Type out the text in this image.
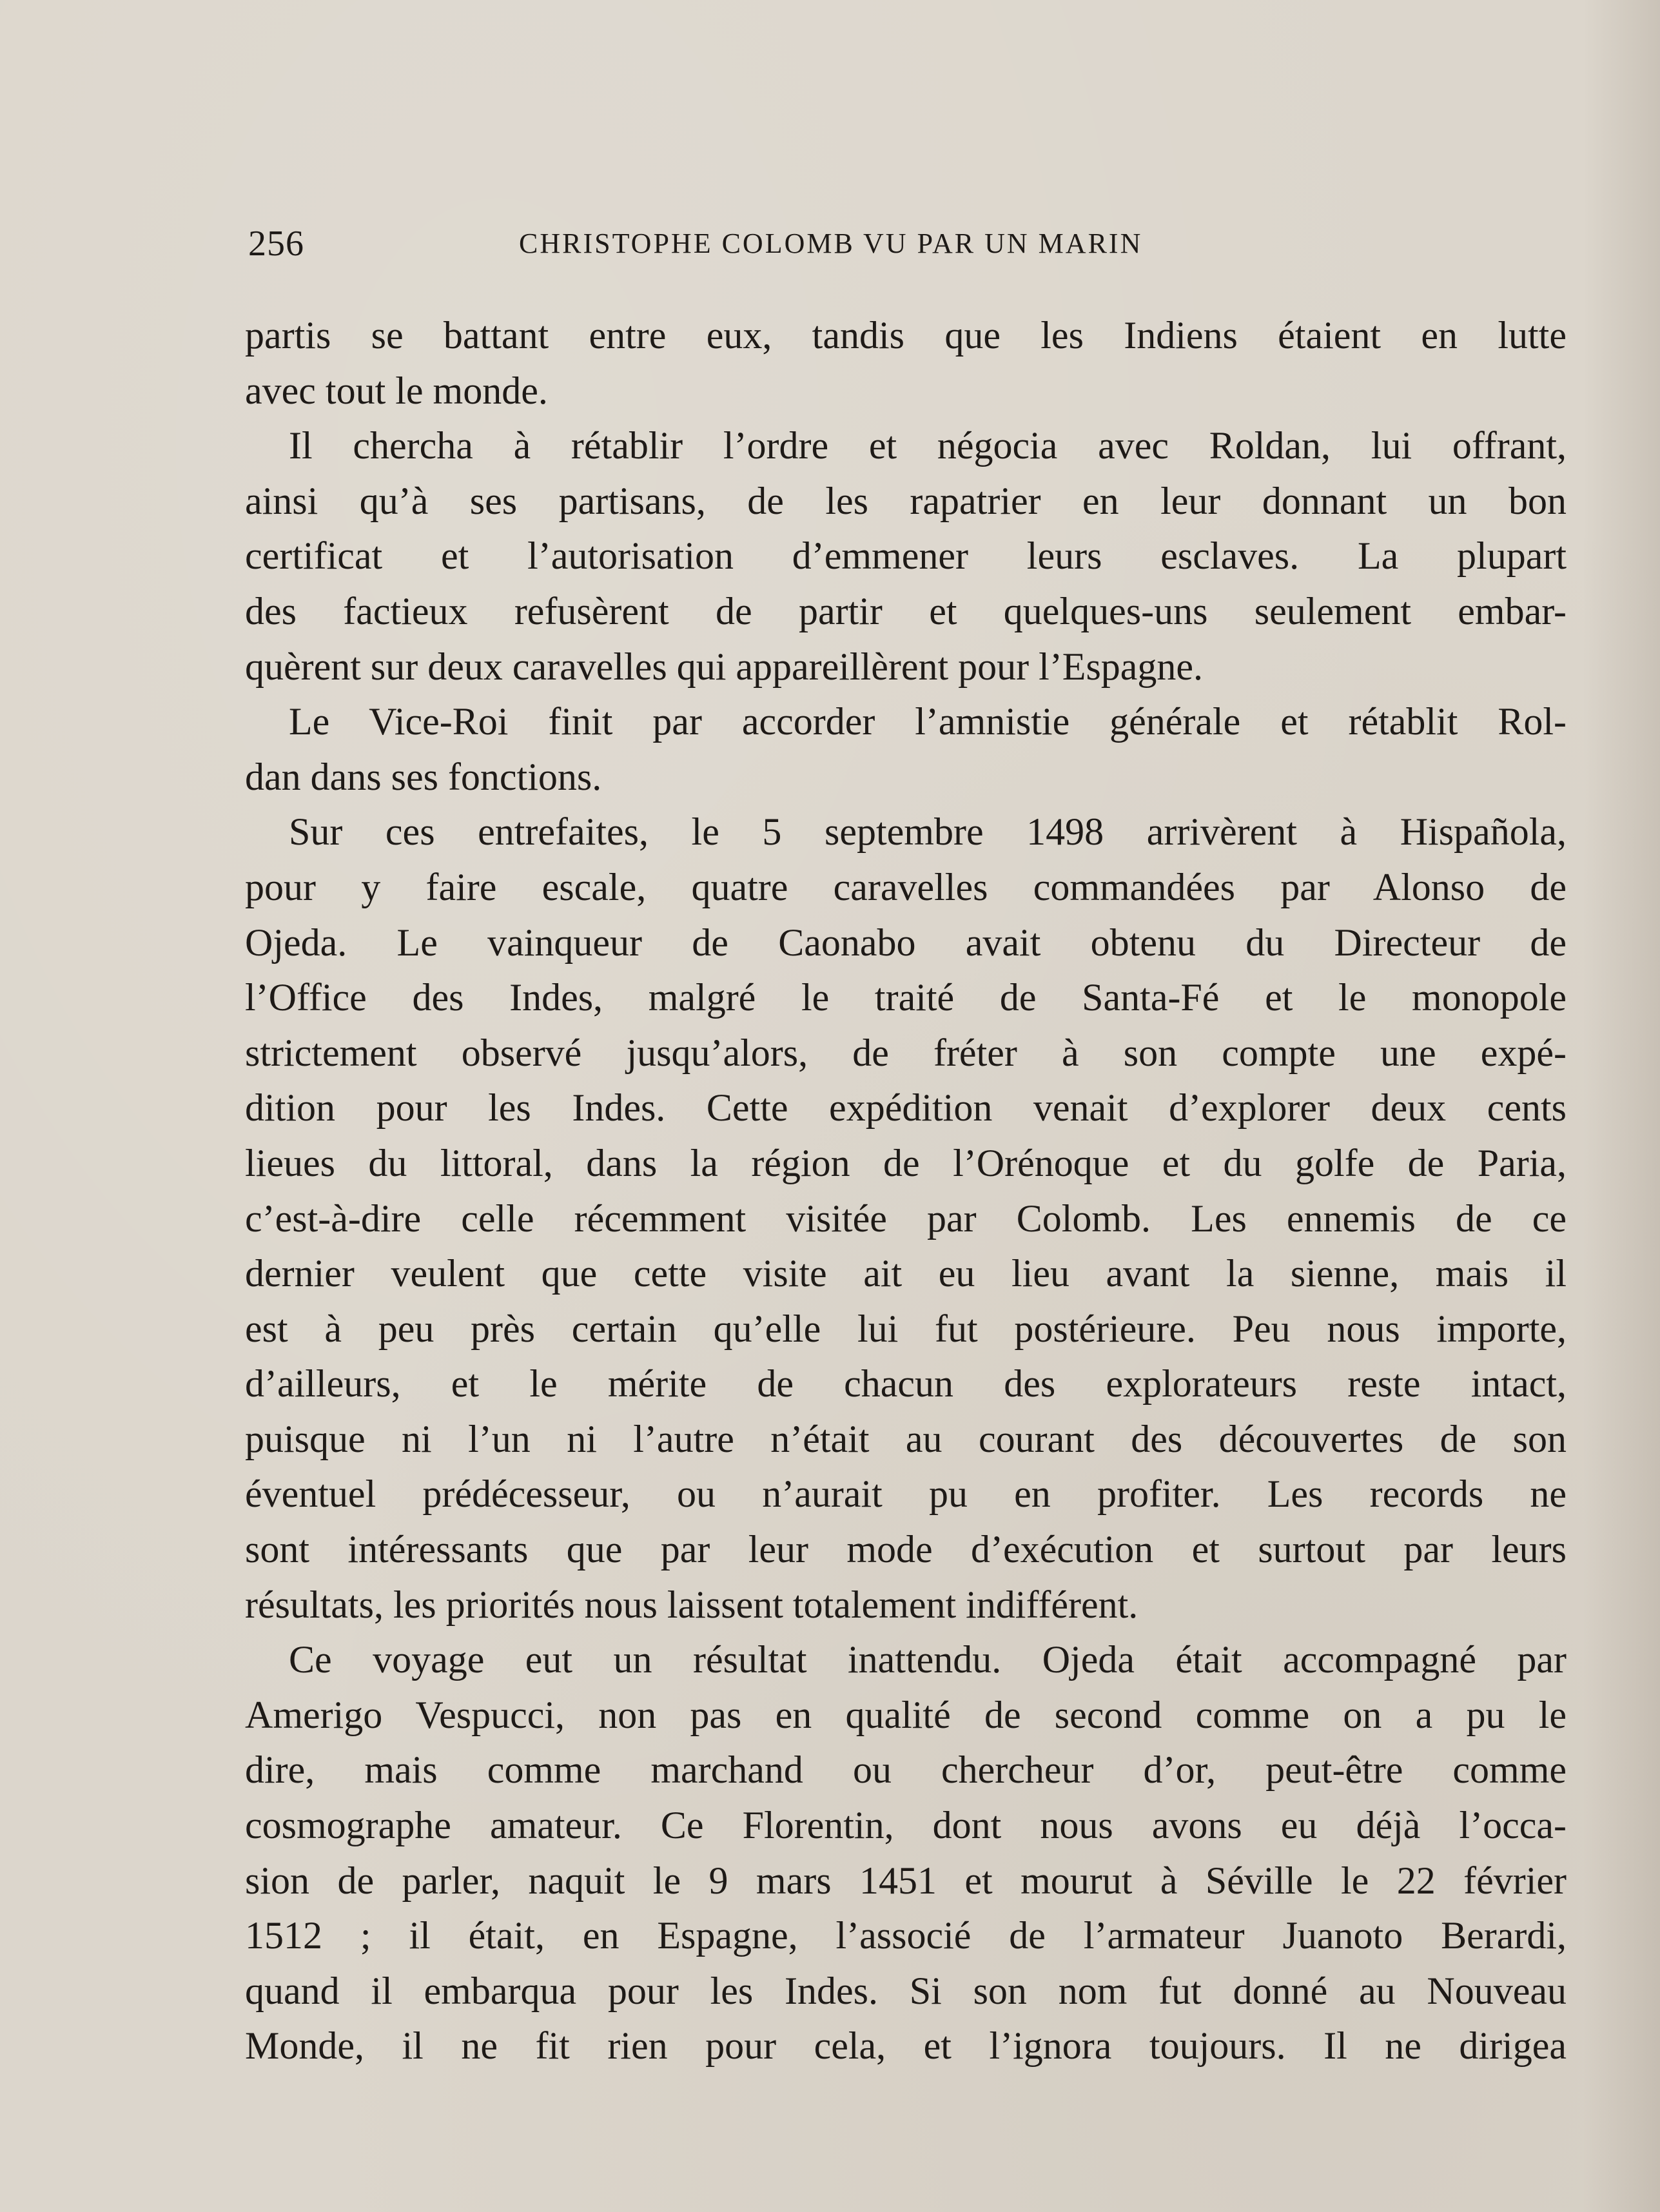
256	CHRISTOPHE COLOMB VU PAR UN MARIN
partis se battant entre eux, tandis que les Indiens étaient en lutte
avec tout le monde.
Il chercha à rétablir l’ordre et négocia avec Roldan, lui offrant,
ainsi qu’à ses partisans, de les rapatrier en leur donnant un bon
certificat et l’autorisation d’emmener leurs esclaves. La plupart
des factieux refusèrent de partir et quelques-uns seulement embar-
quèrent sur deux caravelles qui appareillèrent pour l’Espagne.
Le Vice-Roi finit par accorder l’amnistie générale et rétablit Rol-
dan dans ses fonctions.
Sur ces entrefaites, le 5 septembre 1498 arrivèrent à Hispañola,
pour y faire escale, quatre caravelles commandées par Alonso de
Ojeda. Le vainqueur de Caonabo avait obtenu du Directeur de
l’Office des Indes, malgré le traité de Santa-Fé et le monopole
strictement observé jusqu’alors, de fréter à son compte une expé-
dition pour les Indes. Cette expédition venait d’explorer deux cents
lieues du littoral, dans la région de l’Orénoque et du golfe de Paria,
c’est-à-dire celle récemment visitée par Colomb. Les ennemis de ce
dernier veulent que cette visite ait eu lieu avant la sienne, mais il
est à peu près certain qu’elle lui fut postérieure. Peu nous importe,
d’ailleurs, et le mérite de chacun des explorateurs reste intact,
puisque ni l’un ni l’autre n’était au courant des découvertes de son
éventuel prédécesseur, ou n’aurait pu en profiter. Les records ne
sont intéressants que par leur mode d’exécution et surtout par leurs
résultats, les priorités nous laissent totalement indifférent.
Ce voyage eut un résultat inattendu. Ojeda était accompagné par
Amerigo Vespucci, non pas en qualité de second comme on a pu le
dire, mais comme marchand ou chercheur d’or, peut-être comme
cosmographe amateur. Ce Florentin, dont nous avons eu déjà l’occa-
sion de parler, naquit le 9 mars 1451 et mourut à Séville le 22 février
1512 ; il était, en Espagne, l’associé de l’armateur Juanoto Berardi,
quand il embarqua pour les Indes. Si son nom fut donné au Nouveau
Monde, il ne fit rien pour cela, et l’ignora toujours. Il ne dirigea
